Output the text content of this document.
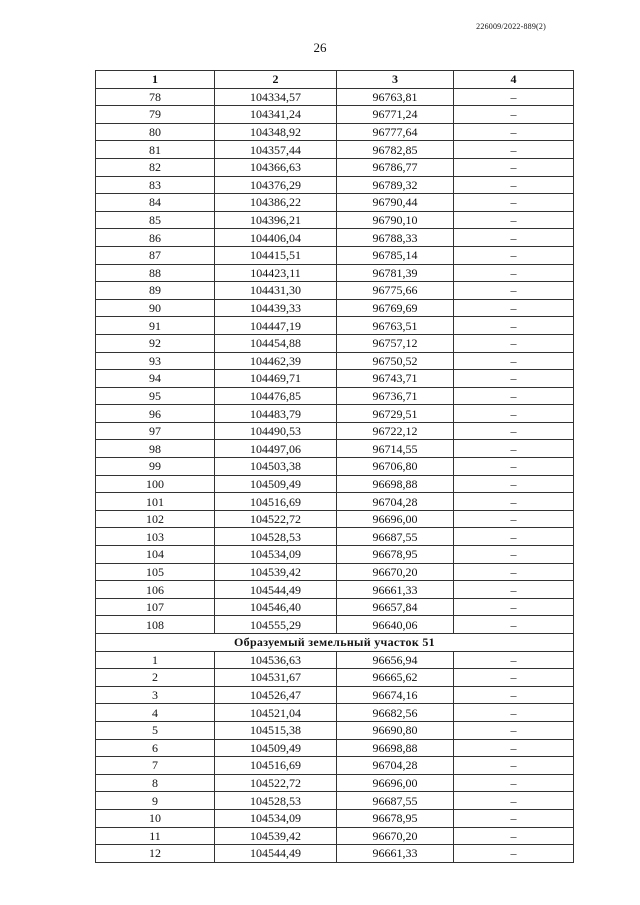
226009/2022-889(2)
26
1	2	3	4
78	104334,57	96763,81	–
79	104341,24	96771,24	–
80	104348,92	96777,64	–
81	104357,44	96782,85	–
82	104366,63	96786,77	–
83	104376,29	96789,32	–
84	104386,22	96790,44	–
85	104396,21	96790,10	–
86	104406,04	96788,33	–
87	104415,51	96785,14	–
88	104423,11	96781,39	–
89	104431,30	96775,66	–
90	104439,33	96769,69	–
91	104447,19	96763,51	–
92	104454,88	96757,12	–
93	104462,39	96750,52	–
94	104469,71	96743,71	–
95	104476,85	96736,71	–
96	104483,79	96729,51	–
97	104490,53	96722,12	–
98	104497,06	96714,55	–
99	104503,38	96706,80	–
100	104509,49	96698,88	–
101	104516,69	96704,28	–
102	104522,72	96696,00	–
103	104528,53	96687,55	–
104	104534,09	96678,95	–
105	104539,42	96670,20	–
106	104544,49	96661,33	–
107	104546,40	96657,84	–
108	104555,29	96640,06	–
Образуемый земельный участок 51			
1	104536,63	96656,94	–
2	104531,67	96665,62	–
3	104526,47	96674,16	–
4	104521,04	96682,56	–
5	104515,38	96690,80	–
6	104509,49	96698,88	–
7	104516,69	96704,28	–
8	104522,72	96696,00	–
9	104528,53	96687,55	–
10	104534,09	96678,95	–
11	104539,42	96670,20	–
12	104544,49	96661,33	–
